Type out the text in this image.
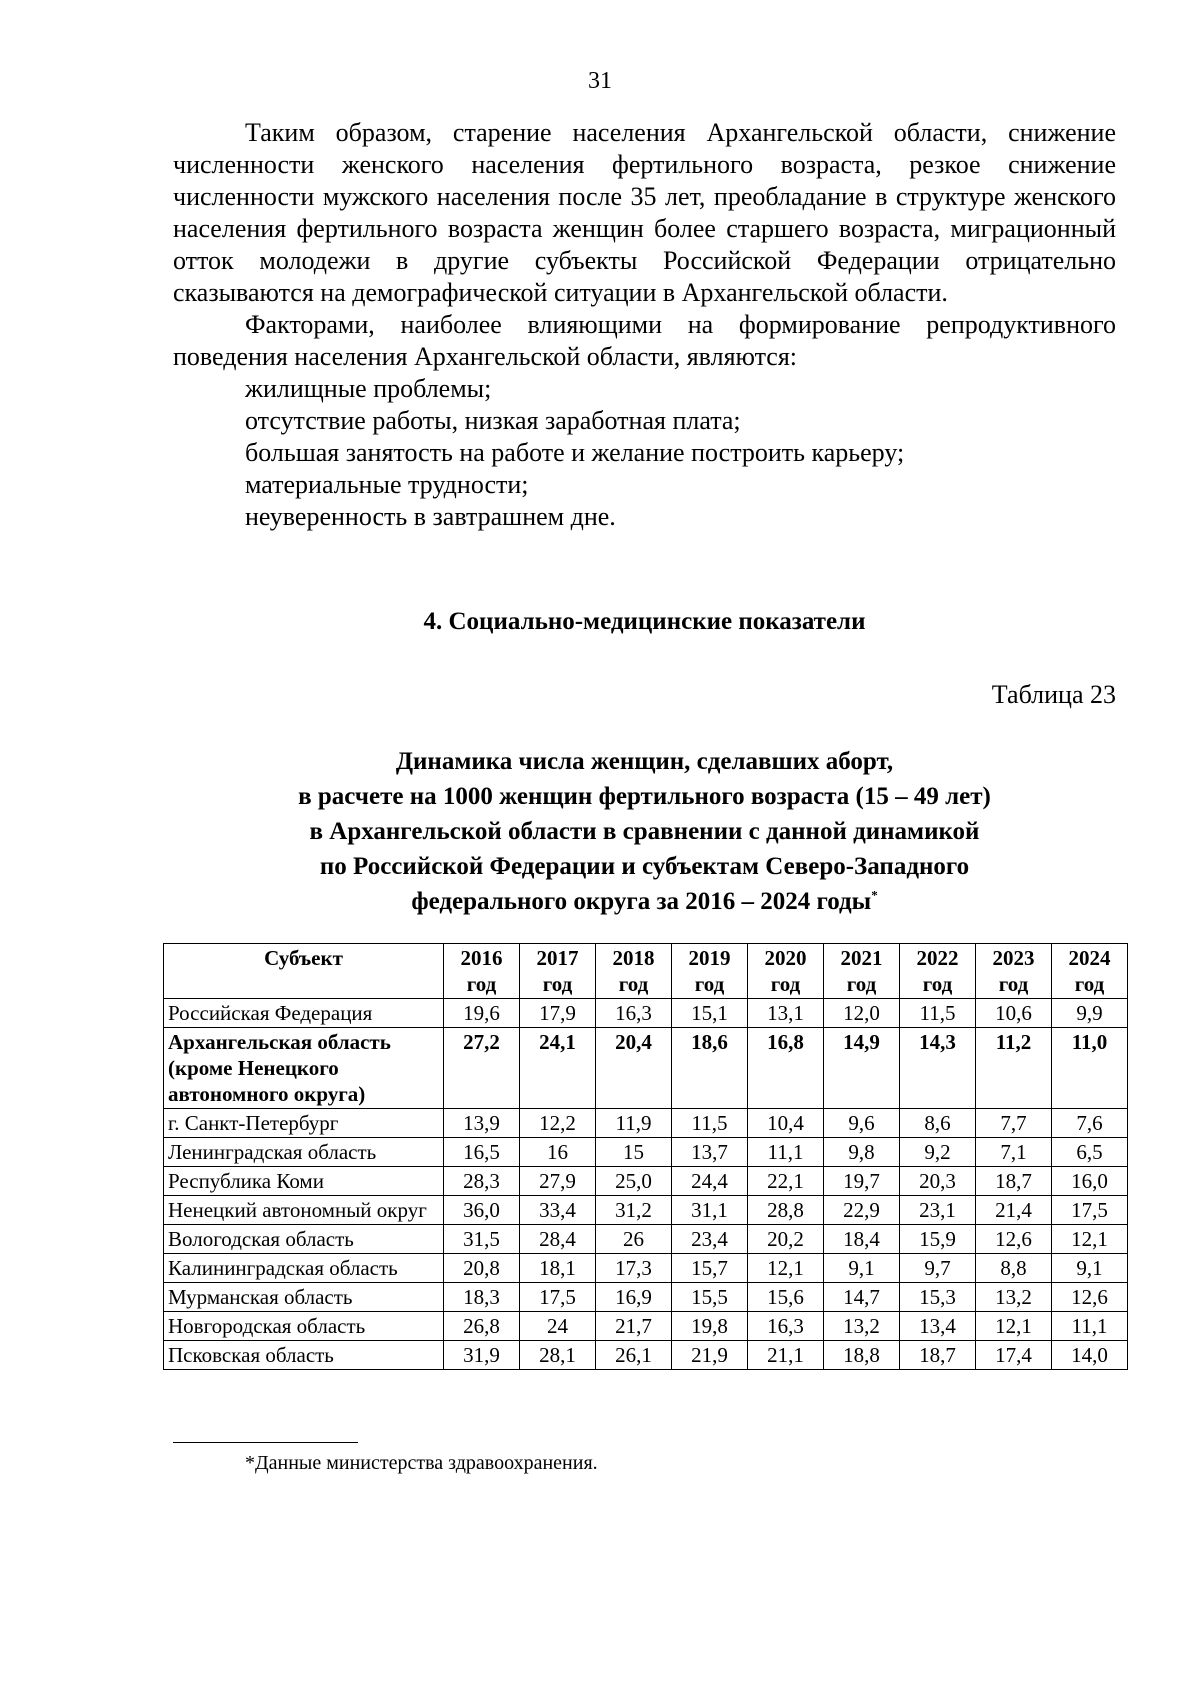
31

Таким образом, старение населения Архангельской области, снижение численности женского населения фертильного возраста, резкое снижение численности мужского населения после 35 лет, преобладание в структуре женского населения фертильного возраста женщин более старшего возраста, миграционный отток молодежи в другие субъекты Российской Федерации отрицательно сказываются на демографической ситуации в Архангельской области.

Факторами, наиболее влияющими на формирование репродуктивного поведения населения Архангельской области, являются:

жилищные проблемы;

отсутствие работы, низкая заработная плата;

большая занятость на работе и желание построить карьеру;

материальные трудности;

неуверенность в завтрашнем дне.

4. Социально-медицинские показатели
Таблица 23
Динамика числа женщин, сделавших аборт,
в расчете на 1000 женщин фертильного возраста (15 – 49 лет)
в Архангельской области в сравнении с данной динамикой
по Российской Федерации и субъектам Северо-Западного
федерального округа за 2016 – 2024 годы*
Субъект	2016 год	2017 год	2018 год	2019 год	2020 год	2021 год	2022 год	2023 год	2024 год
Российская Федерация	19,6	17,9	16,3	15,1	13,1	12,0	11,5	10,6	9,9
Архангельская область (кроме Ненецкого автономного округа)	27,2	24,1	20,4	18,6	16,8	14,9	14,3	11,2	11,0
г. Санкт-Петербург	13,9	12,2	11,9	11,5	10,4	9,6	8,6	7,7	7,6
Ленинградская область	16,5	16	15	13,7	11,1	9,8	9,2	7,1	6,5
Республика Коми	28,3	27,9	25,0	24,4	22,1	19,7	20,3	18,7	16,0
Ненецкий автономный округ	36,0	33,4	31,2	31,1	28,8	22,9	23,1	21,4	17,5
Вологодская область	31,5	28,4	26	23,4	20,2	18,4	15,9	12,6	12,1
Калининградская область	20,8	18,1	17,3	15,7	12,1	9,1	9,7	8,8	9,1
Мурманская область	18,3	17,5	16,9	15,5	15,6	14,7	15,3	13,2	12,6
Новгородская область	26,8	24	21,7	19,8	16,3	13,2	13,4	12,1	11,1
Псковская область	31,9	28,1	26,1	21,9	21,1	18,8	18,7	17,4	14,0
*Данные министерства здравоохранения.
